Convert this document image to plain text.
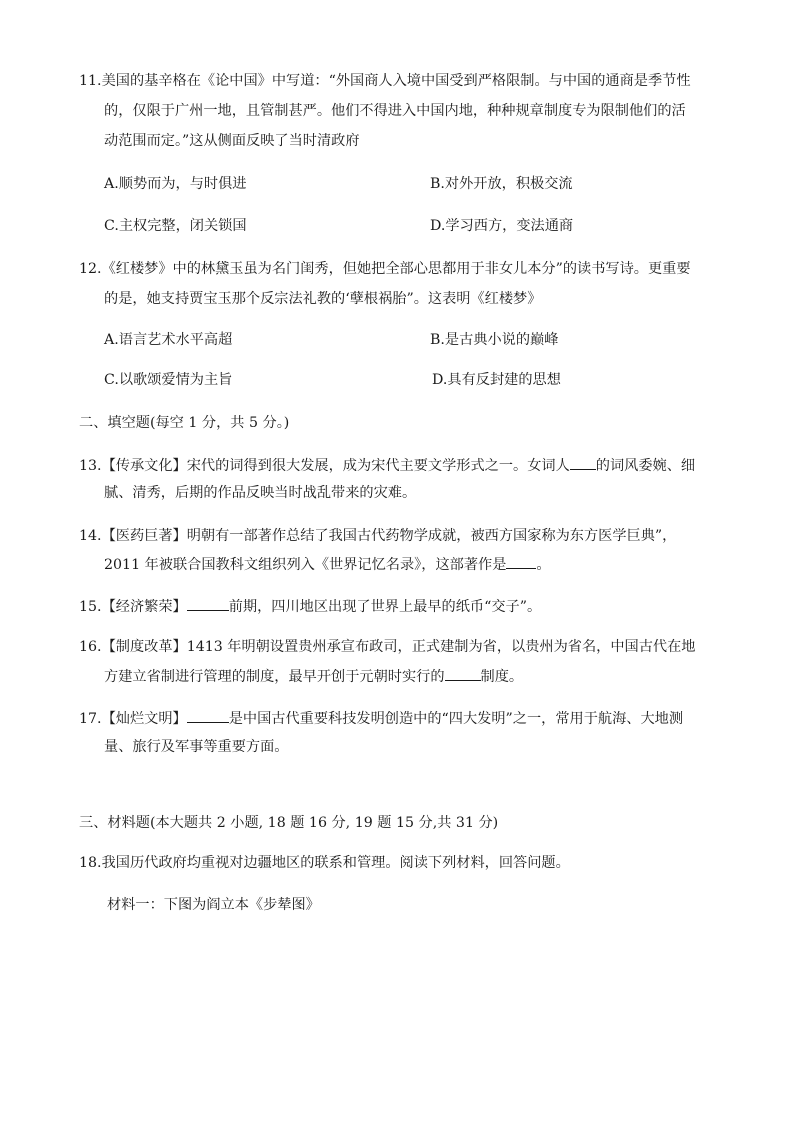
11.美国的基辛格在《论中国》中写道：“外国商人入境中国受到严格限制。与中国的通商是季节性
的，仅限于广州一地，且管制甚严。他们不得进入中国内地，种种规章制度专为限制他们的活
动范围而定。”这从侧面反映了当时清政府
A.顺势而为，与时俱进	B.对外开放，积极交流
C.主权完整，闭关锁国	D.学习西方，变法通商
12.《红楼梦》中的林黛玉虽为名门闺秀，但她把全部心思都用于非女儿本分”的读书写诗。更重要
的是，她支持贾宝玉那个反宗法礼教的‘孽根祸胎”。这表明《红楼梦》
A.语言艺术水平高超	B.是古典小说的巅峰
C.以歌颂爱情为主旨	D.具有反封建的思想
二、填空题(每空 1 分，共 5 分。)
13.【传承文化】宋代的词得到很大发展，成为宋代主要文学形式之一。女词人 的词风委婉、细
腻、清秀，后期的作品反映当时战乱带来的灾难。
14.【医药巨著】明朝有一部著作总结了我国古代药物学成就，被西方国家称为东方医学巨典”，
2011 年被联合国教科文组织列入《世界记忆名录》，这部著作是 。
15.【经济繁荣】	前期，四川地区出现了世界上最早的纸币“交子”。
16.【制度改革】1413 年明朝设置贵州承宣布政司，正式建制为省，以贵州为省名，中国古代在地
方建立省制进行管理的制度，最早开创于元朝时实行的	制度。
17.【灿烂文明】	是中国古代重要科技发明创造中的“四大发明”之一，常用于航海、大地测
量、旅行及军事等重要方面。
三、材料题(本大题共 2 小题, 18 题 16 分, 19 题 15 分,共 31 分)
18.我国历代政府均重视对边疆地区的联系和管理。阅读下列材料，回答问题。
材料一：下图为阎立本《步辇图》
